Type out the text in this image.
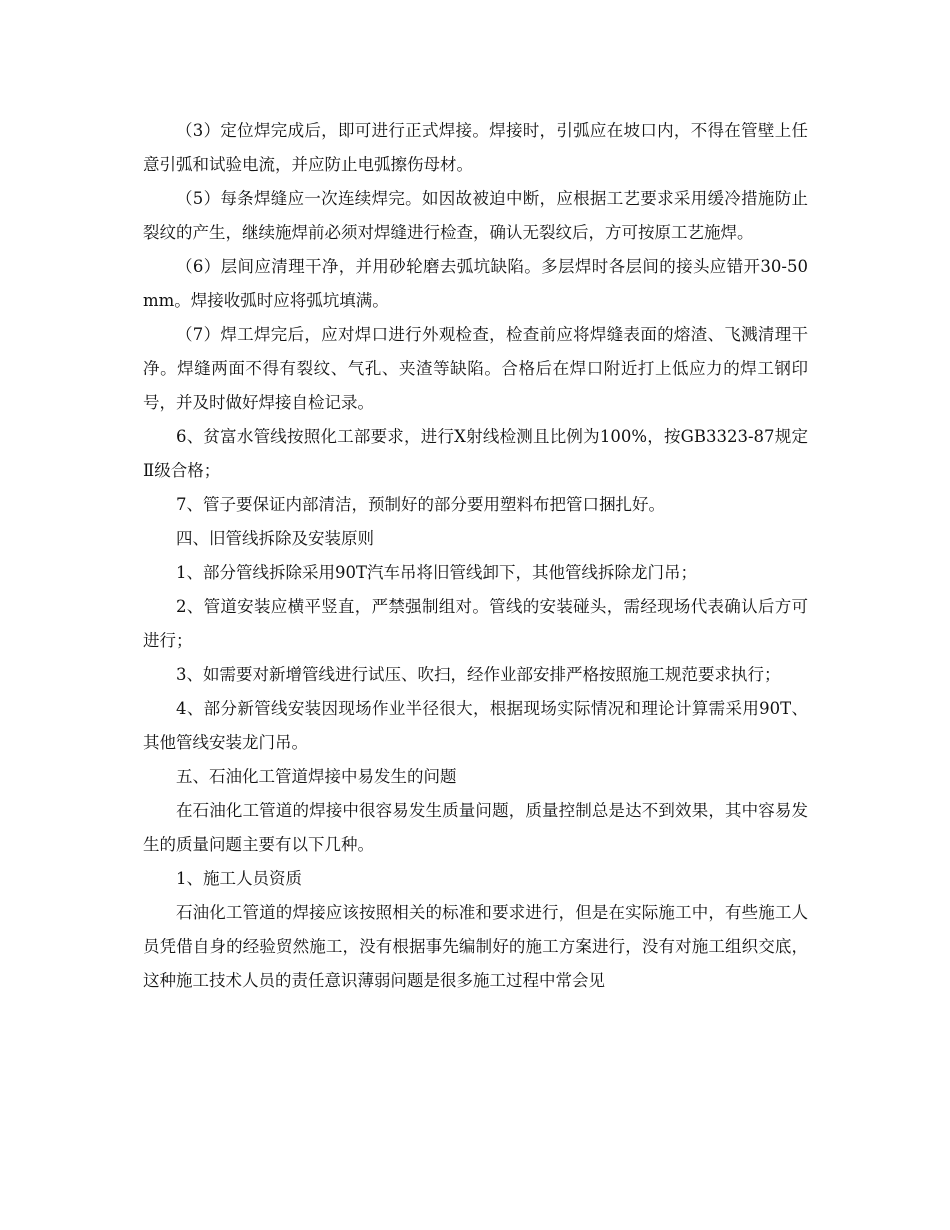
（3）定位焊完成后，即可进行正式焊接。焊接时，引弧应在坡口内，不得在管壁上任意引弧和试验电流，并应防止电弧擦伤母材。

（5）每条焊缝应一次连续焊完。如因故被迫中断，应根据工艺要求采用缓冷措施防止裂纹的产生，继续施焊前必须对焊缝进行检查，确认无裂纹后，方可按原工艺施焊。

（6）层间应清理干净，并用砂轮磨去弧坑缺陷。多层焊时各层间的接头应错开30-50mm。焊接收弧时应将弧坑填满。

（7）焊工焊完后，应对焊口进行外观检查，检查前应将焊缝表面的熔渣、飞溅清理干净。焊缝两面不得有裂纹、气孔、夹渣等缺陷。合格后在焊口附近打上低应力的焊工钢印号，并及时做好焊接自检记录。

6、贫富水管线按照化工部要求，进行X射线检测且比例为100%，按GB3323-87规定Ⅱ级合格；

7、管子要保证内部清洁，预制好的部分要用塑料布把管口捆扎好。

四、旧管线拆除及安装原则

1、部分管线拆除采用90T汽车吊将旧管线卸下，其他管线拆除龙门吊；

2、管道安装应横平竖直，严禁强制组对。管线的安装碰头，需经现场代表确认后方可进行；

3、如需要对新增管线进行试压、吹扫，经作业部安排严格按照施工规范要求执行；

4、部分新管线安装因现场作业半径很大，根据现场实际情况和理论计算需采用90T、其他管线安装龙门吊。

五、石油化工管道焊接中易发生的问题

在石油化工管道的焊接中很容易发生质量问题，质量控制总是达不到效果，其中容易发生的质量问题主要有以下几种。

1、施工人员资质

石油化工管道的焊接应该按照相关的标准和要求进行，但是在实际施工中，有些施工人员凭借自身的经验贸然施工，没有根据事先编制好的施工方案进行，没有对施工组织交底，这种施工技术人员的责任意识薄弱问题是很多施工过程中常会见
